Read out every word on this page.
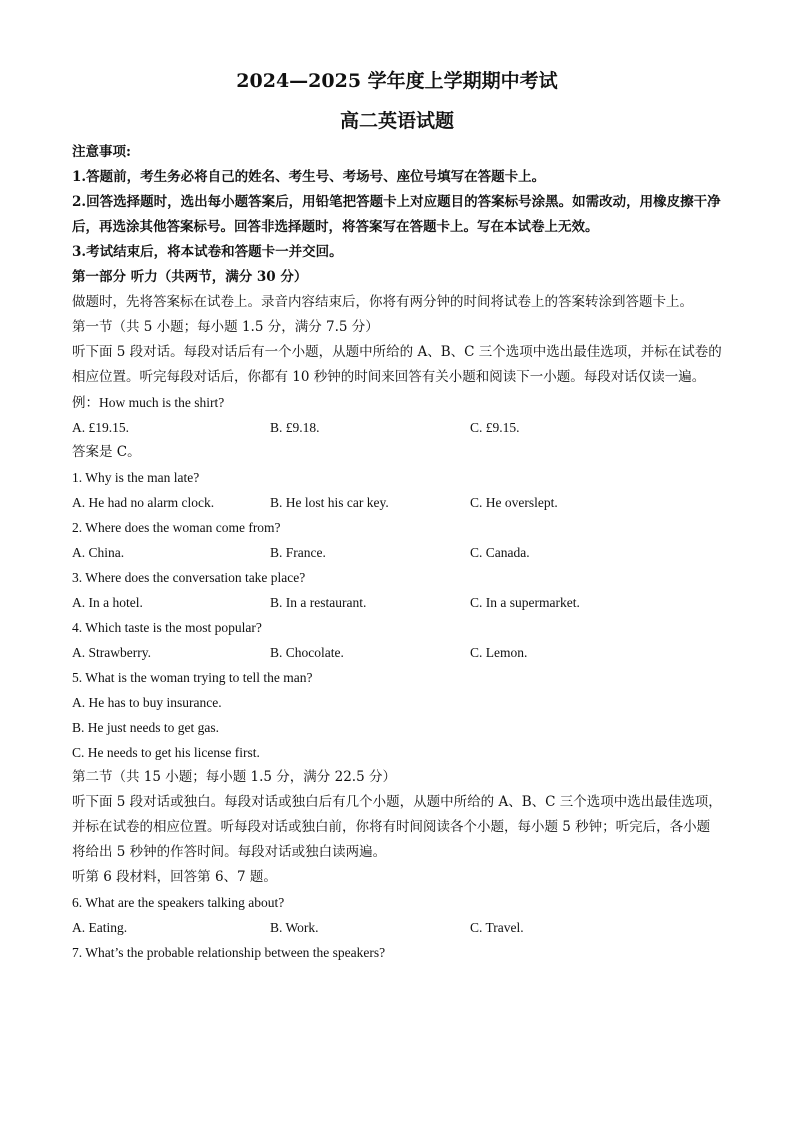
2024—2025 学年度上学期期中考试
高二英语试题
注意事项:
1.答题前，考生务必将自己的姓名、考生号、考场号、座位号填写在答题卡上。
2.回答选择题时，选出每小题答案后，用铅笔把答题卡上对应题目的答案标号涂黑。如需改动，用橡皮擦干净后，再选涂其他答案标号。回答非选择题时，将答案写在答题卡上。写在本试卷上无效。
3.考试结束后，将本试卷和答题卡一并交回。
第一部分 听力（共两节，满分 30 分）
做题时，先将答案标在试卷上。录音内容结束后，你将有两分钟的时间将试卷上的答案转涂到答题卡上。
第一节（共 5 小题；每小题 1.5 分，满分 7.5 分）
听下面 5 段对话。每段对话后有一个小题，从题中所给的 A、B、C 三个选项中选出最佳选项，并标在试卷的相应位置。听完每段对话后，你都有 10 秒钟的时间来回答有关小题和阅读下一小题。每段对话仅读一遍。
例：How much is the shirt?
A. £19.15.	B. £9.18.	C. £9.15.
答案是 C。
1. Why is the man late?
A. He had no alarm clock.	B. He lost his car key.	C. He overslept.
2. Where does the woman come from?
A. China.	B. France.	C. Canada.
3. Where does the conversation take place?
A. In a hotel.	B. In a restaurant.	C. In a supermarket.
4. Which taste is the most popular?
A. Strawberry.	B. Chocolate.	C. Lemon.
5. What is the woman trying to tell the man?
A. He has to buy insurance.
B. He just needs to get gas.
C. He needs to get his license first.
第二节（共 15 小题；每小题 1.5 分，满分 22.5 分）
听下面 5 段对话或独白。每段对话或独白后有几个小题，从题中所给的 A、B、C 三个选项中选出最佳选项，并标在试卷的相应位置。听每段对话或独白前，你将有时间阅读各个小题，每小题 5 秒钟；听完后，各小题将给出 5 秒钟的作答时间。每段对话或独白读两遍。
听第 6 段材料，回答第 6、7 题。
6. What are the speakers talking about?
A. Eating.	B. Work.	C. Travel.
7. What’s the probable relationship between the speakers?
